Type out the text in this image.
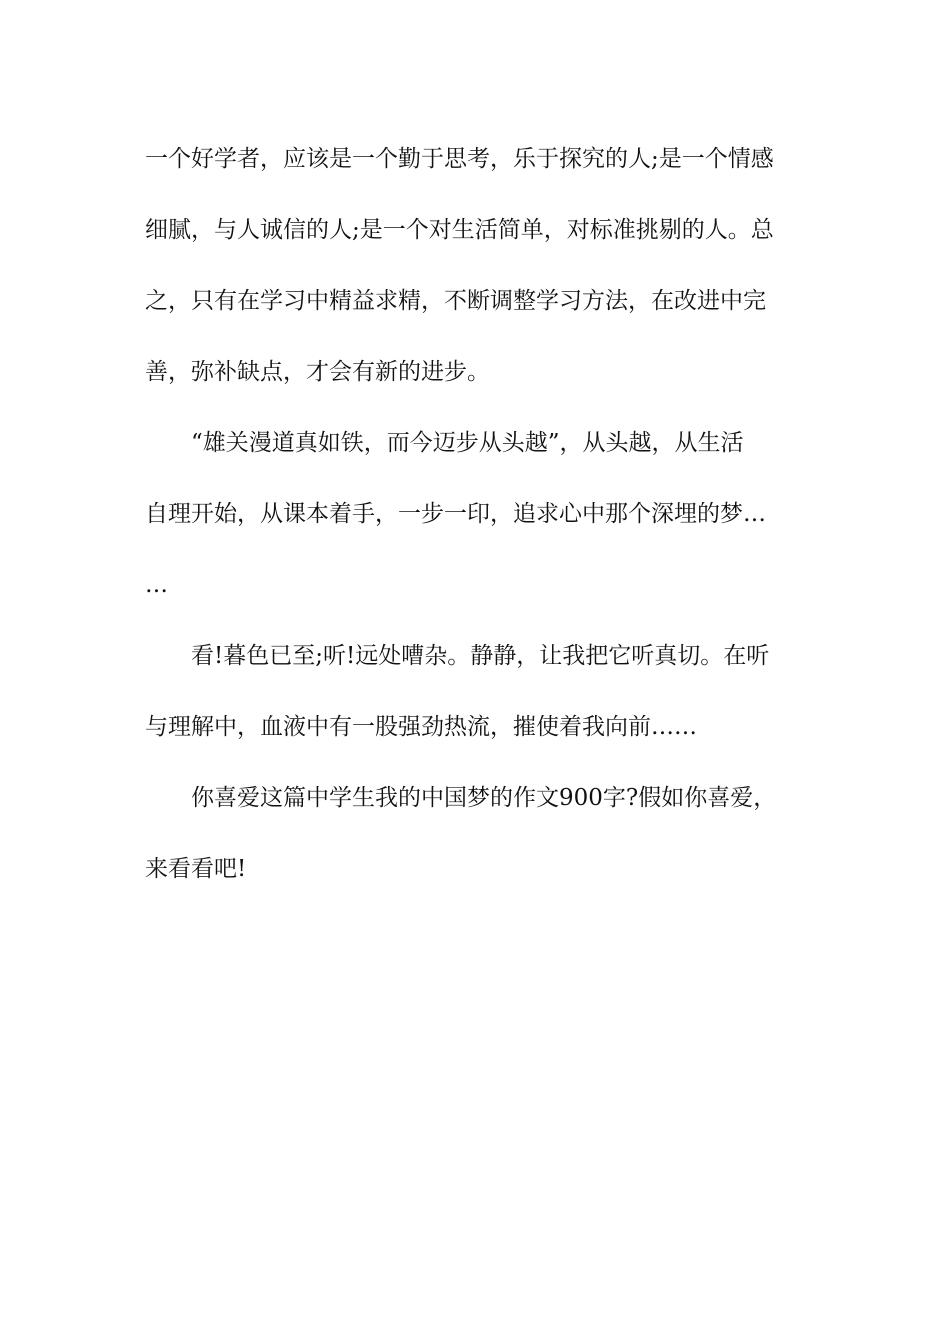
一个好学者，应该是一个勤于思考，乐于探究的人;是一个情感
细腻，与人诚信的人;是一个对生活简单，对标准挑剔的人。总
之，只有在学习中精益求精，不断调整学习方法，在改进中完
善，弥补缺点，才会有新的进步。
“雄关漫道真如铁，而今迈步从头越”，从头越，从生活
自理开始，从课本着手，一步一印，追求心中那个深埋的梦…
…
看!暮色已至;听!远处嘈杂。静静，让我把它听真切。在听
与理解中，血液中有一股强劲热流，摧使着我向前……
你喜爱这篇中学生我的中国梦的作文900字?假如你喜爱，
来看看吧!
